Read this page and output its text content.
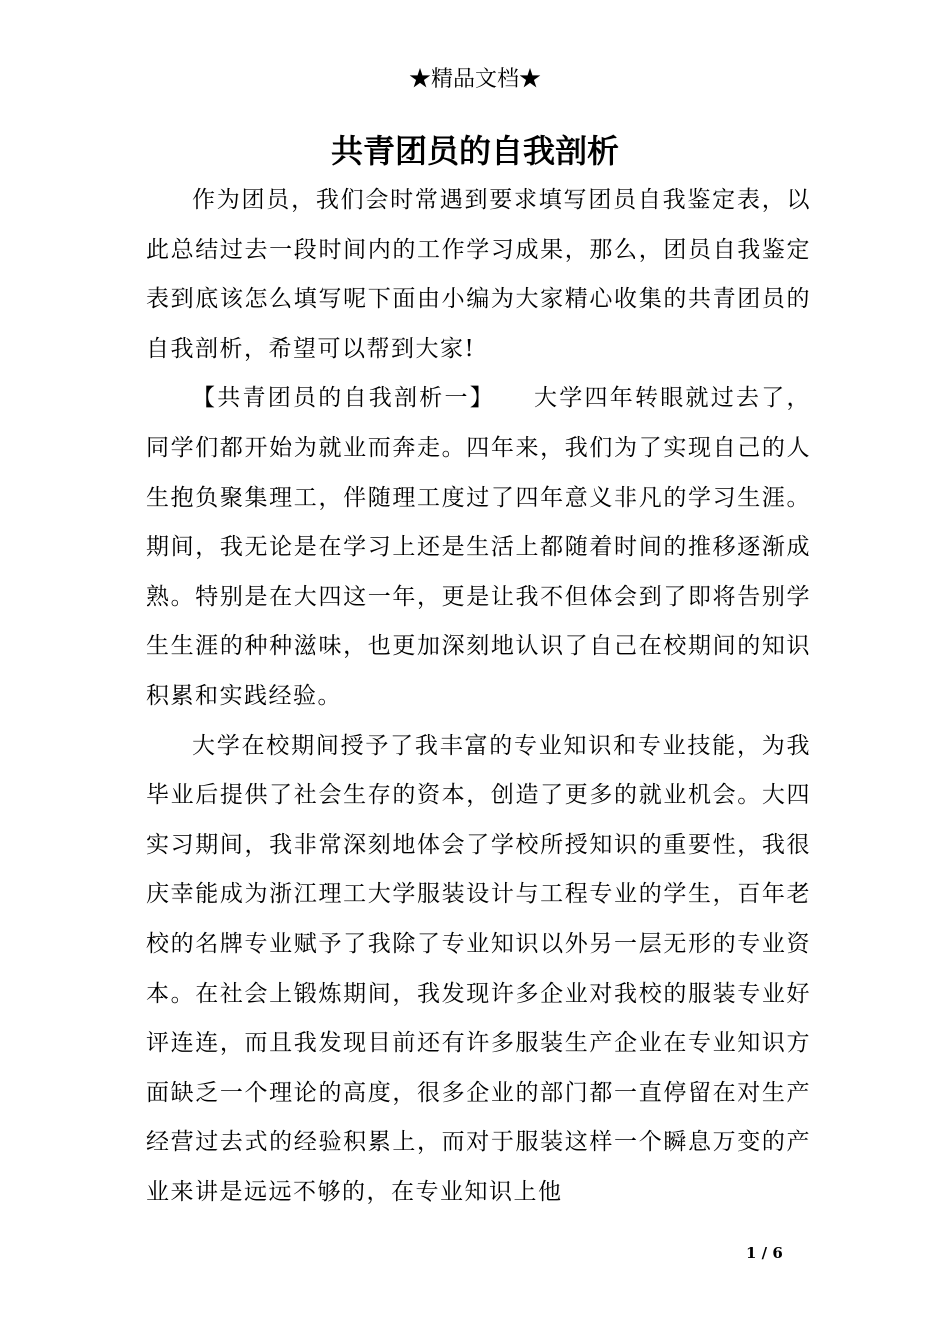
★精品文档★
共青团员的自我剖析

作为团员，我们会时常遇到要求填写团员自我鉴定表，以此总结过去一段时间内的工作学习成果，那么，团员自我鉴定表到底该怎么填写呢下面由小编为大家精心收集的共青团员的自我剖析，希望可以帮到大家!

【共青团员的自我剖析一】　　大学四年转眼就过去了，同学们都开始为就业而奔走。四年来，我们为了实现自己的人生抱负聚集理工，伴随理工度过了四年意义非凡的学习生涯。期间，我无论是在学习上还是生活上都随着时间的推移逐渐成熟。特别是在大四这一年，更是让我不但体会到了即将告别学生生涯的种种滋味，也更加深刻地认识了自己在校期间的知识积累和实践经验。

大学在校期间授予了我丰富的专业知识和专业技能，为我毕业后提供了社会生存的资本，创造了更多的就业机会。大四实习期间，我非常深刻地体会了学校所授知识的重要性，我很庆幸能成为浙江理工大学服装设计与工程专业的学生，百年老校的名牌专业赋予了我除了专业知识以外另一层无形的专业资本。在社会上锻炼期间，我发现许多企业对我校的服装专业好评连连，而且我发现目前还有许多服装生产企业在专业知识方面缺乏一个理论的高度，很多企业的部门都一直停留在对生产经营过去式的经验积累上，而对于服装这样一个瞬息万变的产业来讲是远远不够的，在专业知识上他

1 / 6
